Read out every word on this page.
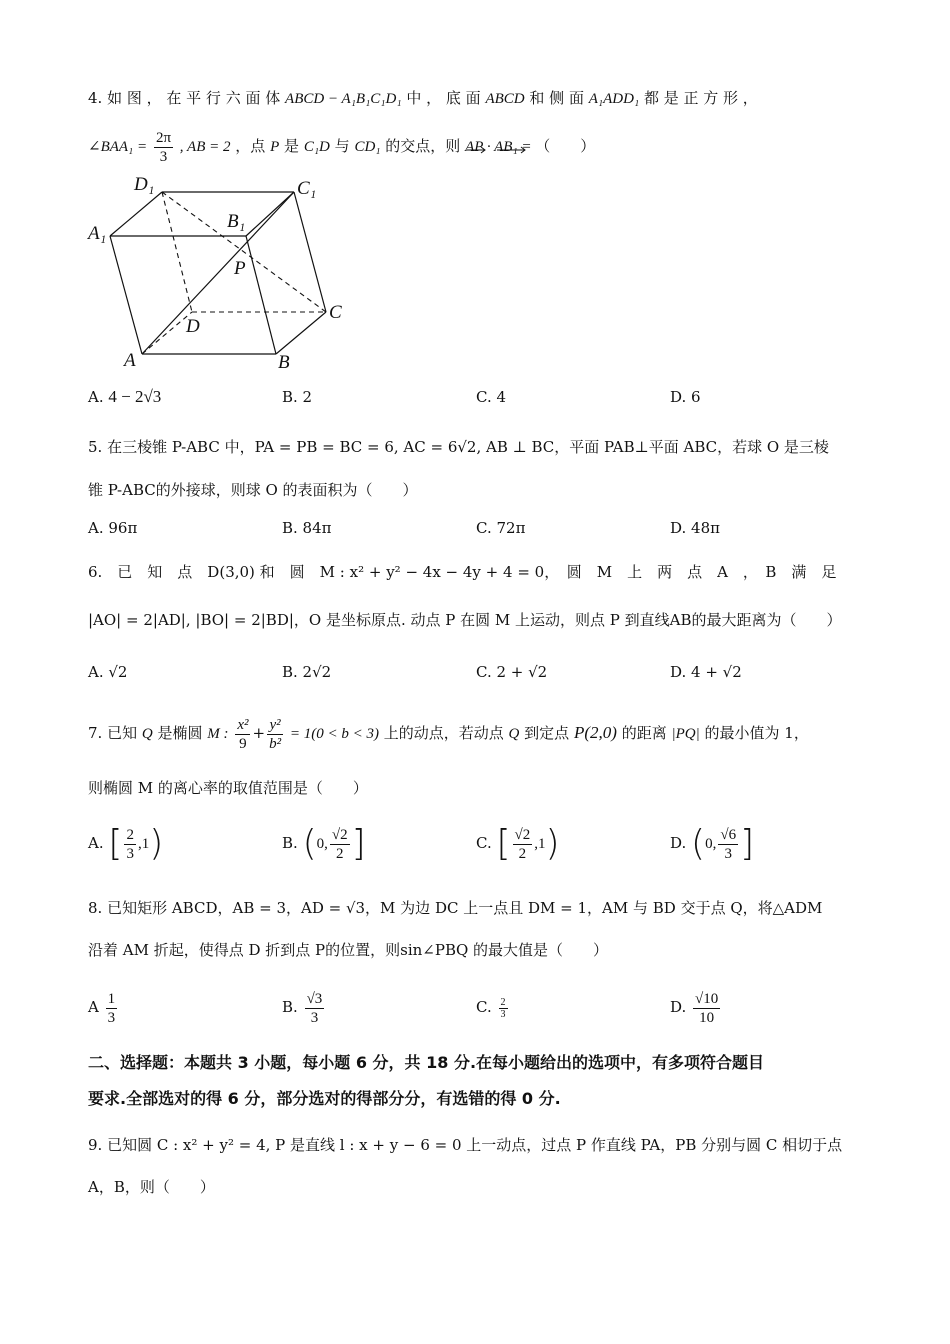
4. 如 图 ， 在 平 行 六 面 体 ABCD − A₁B₁C₁D₁ 中 ， 底 面 ABCD 和 侧 面 A₁ADD₁ 都 是 正 方 形 ，
∠BAA₁ = $\frac{2\pi}{3}$ , AB = 2 ，点 P 是 C₁D 与 CD₁ 的交点，则 AP · AB₁ = （　　）
D₁	C₁
A₁
B₁
P
D
C
A	B
A. 4 − 2√3	B. 2	C. 4	D. 6
5. 在三棱锥 P-ABC 中，PA = PB = BC = 6, AC = 6√2, AB ⊥ BC，平面 PAB⊥平面 ABC，若球 O 是三棱
锥 P-ABC的外接球，则球 O 的表面积为（　　）
A. 96π	B. 84π	C. 72π	D. 48π
6.　已　知　点　D(3,0) 和　圆　M : x² + y² − 4x − 4y + 4 = 0，　圆　M　上　两　点　A　，　B　满　足
|AO| = 2|AD|, |BO| = 2|BD|，O 是坐标原点. 动点 P 在圆 M 上运动，则点 P 到直线AB的最大距离为（　　）
A. √2	B. 2√2	C. 2 + √2	D. 4 + √2
7. 已知 Q 是椭圆 M : $\frac{\text{x²}}{9} + \frac{\text{y²}}{\text{b²}} = 1(0 < b < 3)$ 上的动点，若动点 Q 到定点 P(2,0) 的距离 |PQ| 的最小值为 1，
则椭圆 M 的离心率的取值范围是（　　）
A. [ $\frac{2}{3} ,1$)	B. (0, $\frac{√2}{2}$ ]	C. [ $\frac{√2}{2} ,1$)	D. (0, $\frac{√6}{3}$ ]
8. 已知矩形 ABCD，AB = 3，AD = √3，M 为边 DC 上一点且 DM = 1，AM 与 BD 交于点 Q，将△ADM
沿着 AM 折起，使得点 D 折到点 P的位置，则sin∠PBQ 的最大值是（　　）
A $\frac{1}{3}$	B. $\frac{√3}{3}$	C. $\frac{2}{3}$	D. $\frac{√10}{10}$
二、选择题：本题共 3 小题，每小题 6 分，共 18 分.在每小题给出的选项中，有多项符合题目
要求.全部选对的得 6 分，部分选对的得部分分，有选错的得 0 分.
9. 已知圆 C : x² + y² = 4, P 是直线 l : x + y − 6 = 0 上一动点，过点 P 作直线 PA，PB 分别与圆 C 相切于点
A，B，则（　　）
